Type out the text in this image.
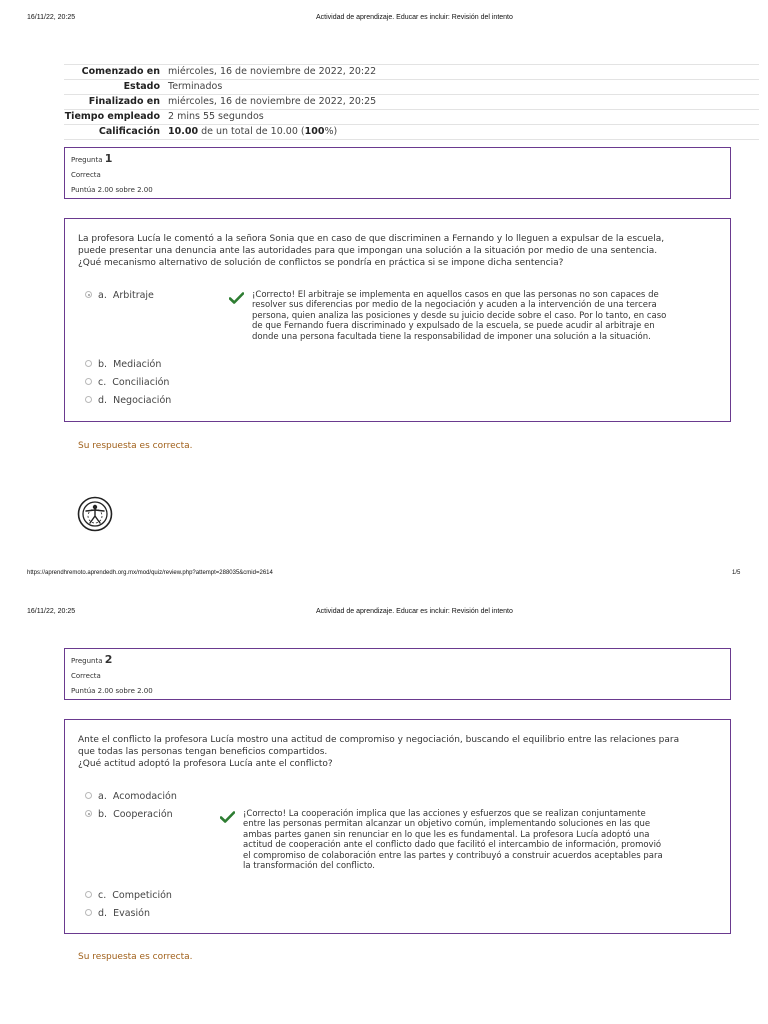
16/11/22, 20:25	Actividad de aprendizaje. Educar es incluir: Revisión del intento
Comenzado en	miércoles, 16 de noviembre de 2022, 20:22
Estado	Terminados
Finalizado en	miércoles, 16 de noviembre de 2022, 20:25
Tiempo empleado	2 mins 55 segundos
Calificación	10.00 de un total de 10.00 (100%)
Pregunta 1
Correcta
Puntúa 2.00 sobre 2.00
La profesora Lucía le comentó a la señora Sonia que en caso de que discriminen a Fernando y lo lleguen a expulsar de la escuela,
puede presentar una denuncia ante las autoridades para que impongan una solución a la situación por medio de una sentencia.
¿Qué mecanismo alternativo de solución de conflictos se pondría en práctica si se impone dicha sentencia?
a. Arbitraje	¡Correcto! El arbitraje se implementa en aquellos casos en que las personas no son capaces de
resolver sus diferencias por medio de la negociación y acuden a la intervención de una tercera
persona, quien analiza las posiciones y desde su juicio decide sobre el caso. Por lo tanto, en caso
de que Fernando fuera discriminado y expulsado de la escuela, se puede acudir al arbitraje en
donde una persona facultada tiene la responsabilidad de imponer una solución a la situación.
b. Mediación
c. Conciliación
d. Negociación
Su respuesta es correcta.
https://aprendhremoto.aprendedh.org.mx/mod/quiz/review.php?attempt=288035&cmid=2614	1/5
16/11/22, 20:25	Actividad de aprendizaje. Educar es incluir: Revisión del intento
Pregunta 2
Correcta
Puntúa 2.00 sobre 2.00
Ante el conflicto la profesora Lucía mostro una actitud de compromiso y negociación, buscando el equilibrio entre las relaciones para
que todas las personas tengan beneficios compartidos.
¿Qué actitud adoptó la profesora Lucía ante el conflicto?
a. Acomodación
b. Cooperación	¡Correcto! La cooperación implica que las acciones y esfuerzos que se realizan conjuntamente
entre las personas permitan alcanzar un objetivo común, implementando soluciones en las que
ambas partes ganen sin renunciar en lo que les es fundamental. La profesora Lucía adoptó una
actitud de cooperación ante el conflicto dado que facilitó el intercambio de información, promovió
el compromiso de colaboración entre las partes y contribuyó a construir acuerdos aceptables para
la transformación del conflicto.
c. Competición
d. Evasión
Su respuesta es correcta.
